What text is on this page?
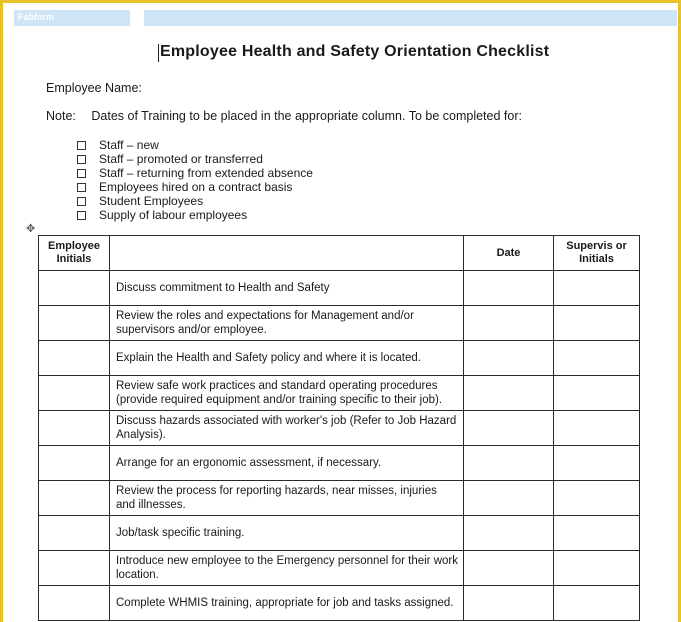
Fabform
Employee Health and Safety Orientation Checklist
Employee Name:
Note: Dates of Training to be placed in the appropriate column. To be completed for:
Staff – new
Staff – promoted or transferred
Staff – returning from extended absence
Employees hired on a contract basis
Student Employees
Supply of labour employees
✥
Employee Initials		Date	Supervis or Initials
	Discuss commitment to Health and Safety		
	Review the roles and expectations for Management and/or supervisors and/or employee.		
	Explain the Health and Safety policy and where it is located.		
	Review safe work practices and standard operating procedures (provide required equipment and/or training specific to their job).		
	Discuss hazards associated with worker's job (Refer to Job Hazard Analysis).		
	Arrange for an ergonomic assessment, if necessary.		
	Review the process for reporting hazards, near misses, injuries and illnesses.		
	Job/task specific training.		
	Introduce new employee to the Emergency personnel for their work location.		
	Complete WHMIS training, appropriate for job and tasks assigned.		
